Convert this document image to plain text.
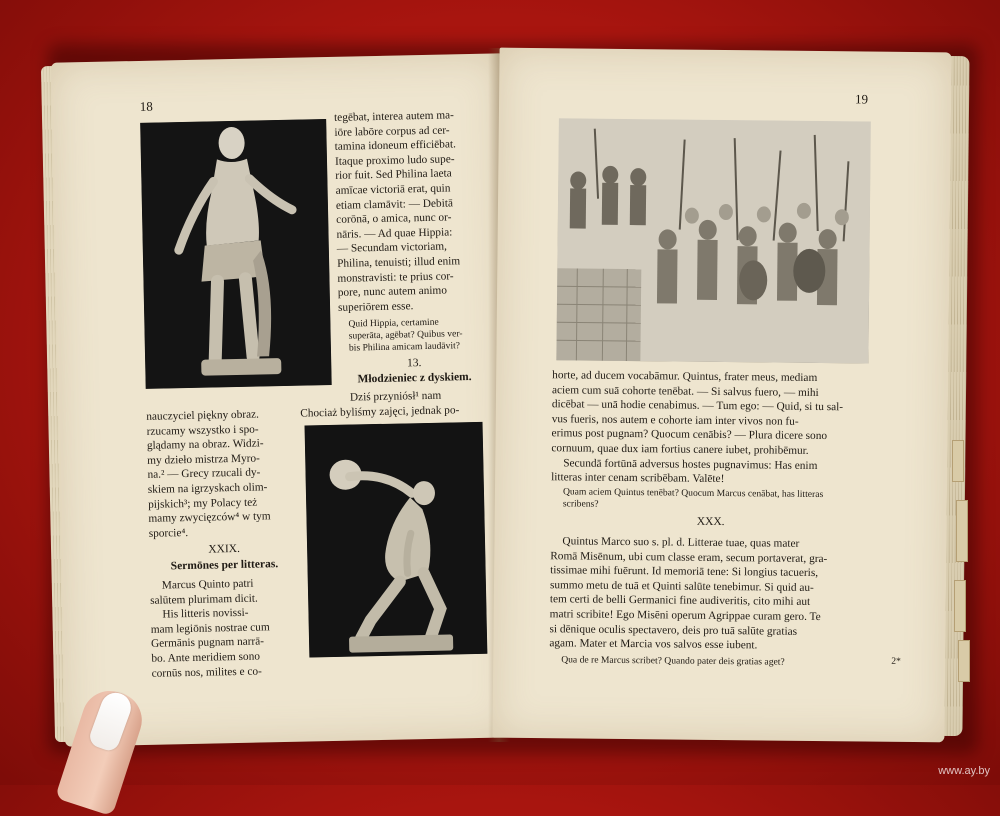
18
tegēbat, interea autem ma-
iōre labōre corpus ad cer-
tamina idoneum efficiēbat.
Itaque proximo ludo supe-
rior fuit. Sed Philina laeta
amīcae victoriā erat, quin
etiam clamāvit: — Debitā
corōnā, o amica, nunc or-
nāris. — Ad quae Hippia:
— Secundam victoriam,
Philina, tenuisti; illud enim
monstravisti: te prius cor-
pore, nunc autem animo
superiōrem esse.
Quid Hippia, certamine
superāta, agēbat? Quibus ver-
bis Philina amicam laudāvit?
13.
Młodzieniec z dyskiem.
Dziś przyniósł¹ nam
Chociaż byliśmy zajęci, jednak po-
nauczyciel piękny obraz.
rzucamy wszystko i spo-
glądamy na obraz. Widzi-
my dzieło mistrza Myro-
na.² — Greсy rzucali dy-
skiem na igrzyskach olim-
pijskich³; my Polacy też
mamy zwycięzców⁴ w tym
sporcie⁴.
XXIX.
Sermōnes per litteras.
Marcus Quinto patri
salūtem plurimam dicit.
His litteris novissi-
mam legiōnis nostrae cum
Germānis pugnam narrā-
bo. Ante meridiem sono
cornūs nos, milites e co-
19
horte, ad ducem vocabāmur. Quintus, frater meus, mediam
aciem cum suā cohorte tenēbat. — Si salvus fuero, — mihi
dicēbat — unā hodie cenabimus. — Tum ego: — Quid, si tu sal-
vus fueris, nos autem e cohorte iam inter vivos non fu-
erimus post pugnam? Quocum cenābis? — Plura dicere sono
cornuum, quae dux iam fortius canere iubet, prohibēmur.
Secundā fortūnā adversus hostes pugnavimus: Has enim
litteras inter cenam scribēbam. Valēte!
Quam aciem Quintus tenēbat? Quocum Marcus cenābat, has litteras
scribens?
XXX.
Quintus Marco suo s. pl. d. Litterae tuae, quas mater
Romā Misēnum, ubi cum classe eram, secum portaverat, gra-
tissimae mihi fuērunt. Id memoriā tene: Si longius tacueris,
summo metu de tuā et Quinti salūte tenebimur. Si quid au-
tem certi de belli Germanici fine audiveritis, cito mihi aut
matri scribite! Ego Misēni operum Agrippae curam gero. Te
si dēnique oculis spectavero, deis pro tuā salūte gratias
agam. Mater et Marcia vos salvos esse iubent.
Qua de re Marcus scribet? Quando pater deis gratias aget?	2*
www.ay.by
